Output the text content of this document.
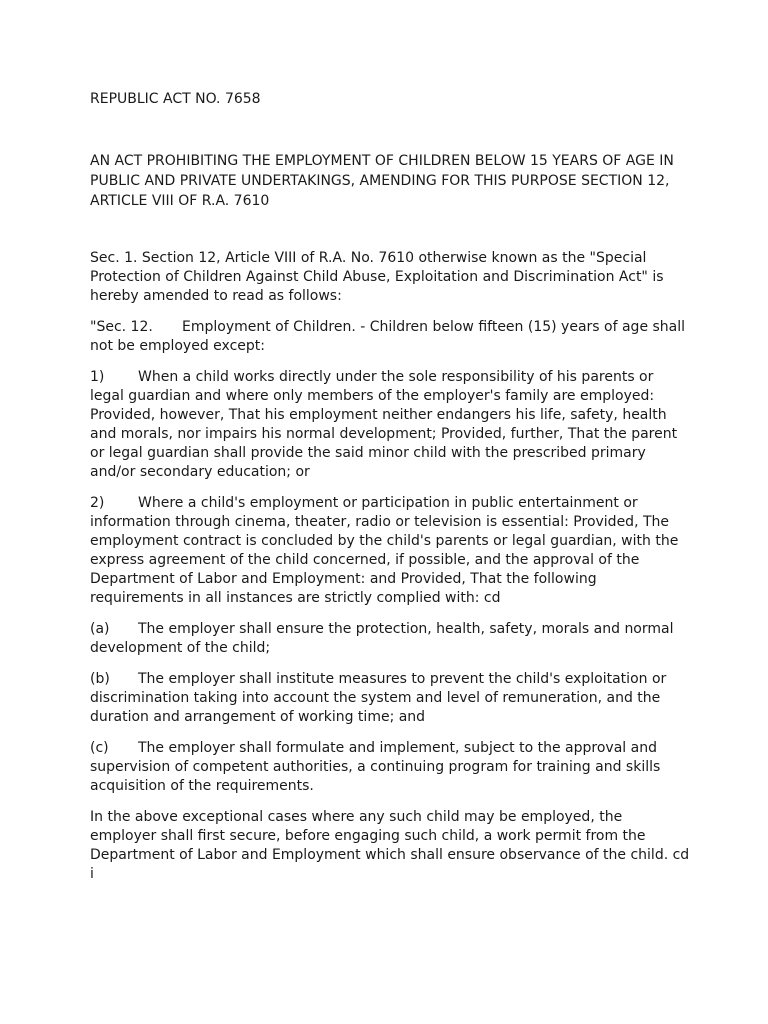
REPUBLIC ACT NO. 7658

AN ACT PROHIBITING THE EMPLOYMENT OF CHILDREN BELOW 15 YEARS OF AGE IN PUBLIC AND PRIVATE UNDERTAKINGS, AMENDING FOR THIS PURPOSE SECTION 12, ARTICLE VIII OF R.A. 7610

Sec. 1. Section 12, Article VIII of R.A. No. 7610 otherwise known as the "Special Protection of Children Against Child Abuse, Exploitation and Discrimination Act" is hereby amended to read as follows:

"Sec. 12. Employment of Children. - Children below fifteen (15) years of age shall not be employed except:

1) When a child works directly under the sole responsibility of his parents or legal guardian and where only members of the employer's family are employed: Provided, however, That his employment neither endangers his life, safety, health and morals, nor impairs his normal development; Provided, further, That the parent or legal guardian shall provide the said minor child with the prescribed primary and/or secondary education; or

2) Where a child's employment or participation in public entertainment or information through cinema, theater, radio or television is essential: Provided, The employment contract is concluded by the child's parents or legal guardian, with the express agreement of the child concerned, if possible, and the approval of the Department of Labor and Employment: and Provided, That the following requirements in all instances are strictly complied with: cd

(a) The employer shall ensure the protection, health, safety, morals and normal development of the child;

(b) The employer shall institute measures to prevent the child's exploitation or discrimination taking into account the system and level of remuneration, and the duration and arrangement of working time; and

(c) The employer shall formulate and implement, subject to the approval and supervision of competent authorities, a continuing program for training and skills acquisition of the requirements.

In the above exceptional cases where any such child may be employed, the employer shall first secure, before engaging such child, a work permit from the Department of Labor and Employment which shall ensure observance of the child. cd i
